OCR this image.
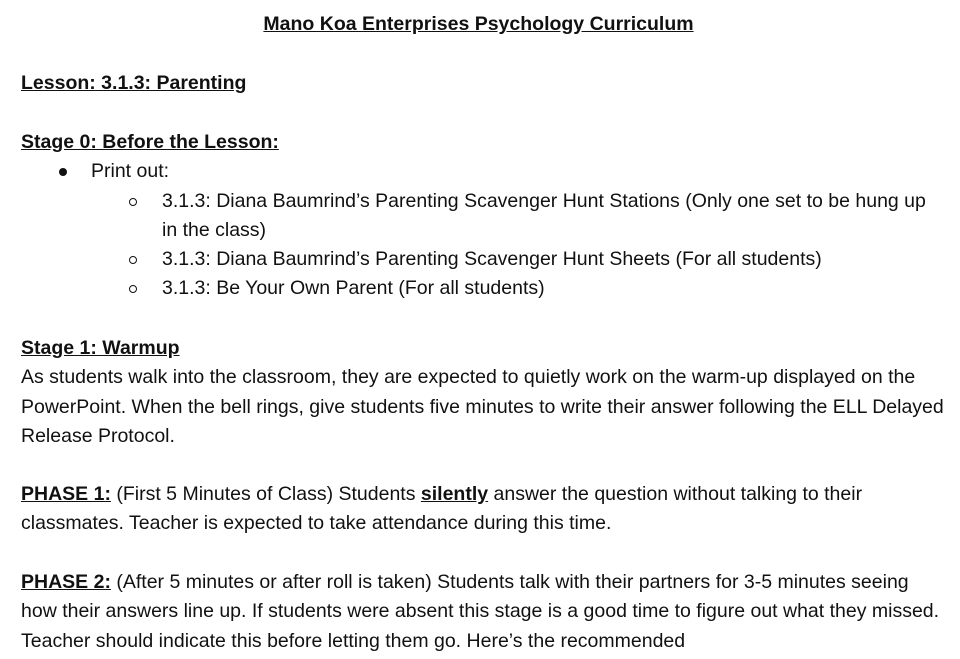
Mano Koa Enterprises Psychology Curriculum
Lesson: 3.1.3: Parenting
Stage 0: Before the Lesson:
Print out:
3.1.3: Diana Baumrind’s Parenting Scavenger Hunt Stations (Only one set to be hung up in the class)
3.1.3: Diana Baumrind’s Parenting Scavenger Hunt Sheets (For all students)
3.1.3: Be Your Own Parent (For all students)
Stage 1: Warmup

As students walk into the classroom, they are expected to quietly work on the warm-up displayed on the PowerPoint. When the bell rings, give students five minutes to write their answer following the ELL Delayed Release Protocol.

PHASE 1: (First 5 Minutes of Class) Students silently answer the question without talking to their classmates. Teacher is expected to take attendance during this time.

PHASE 2: (After 5 minutes or after roll is taken) Students talk with their partners for 3-5 minutes seeing how their answers line up. If students were absent this stage is a good time to figure out what they missed. Teacher should indicate this before letting them go. Here’s the recommended
